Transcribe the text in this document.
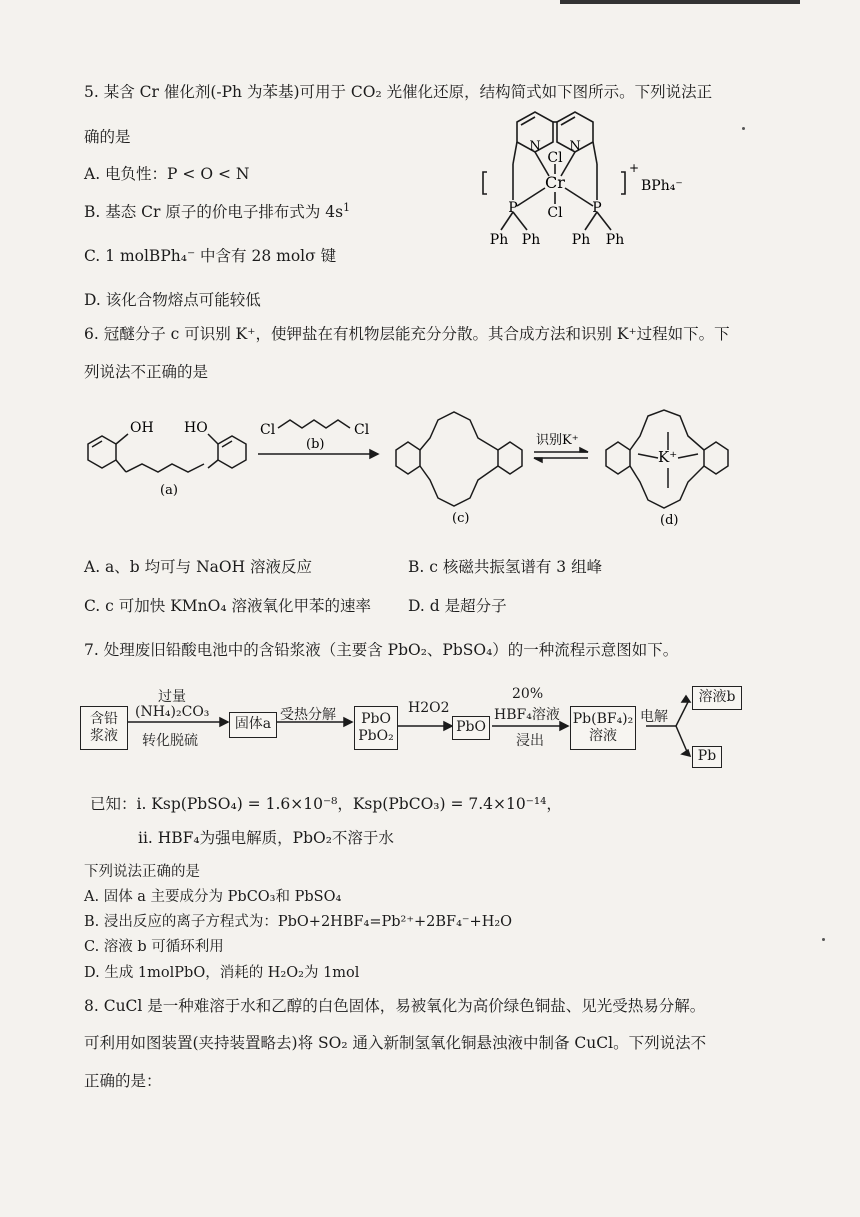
5. 某含 Cr 催化剂(-Ph 为苯基)可用于 CO₂ 光催化还原，结构简式如下图所示。下列说法正
确的是
A. 电负性：P < O < N
B. 基态 Cr 原子的价电子排布式为 $4s^1$
C. 1 molBPh₄⁻ 中含有 28 molσ 键
D. 该化合物熔点可能较低
N N
Cl
Cr
Cl
P	P
Ph Ph Ph Ph
+
BPh₄⁻
6. 冠醚分子 c 可识别 K⁺，使钾盐在有机物层能充分分散。其合成方法和识别 K⁺过程如下。下
列说法不正确的是
OH HO
(a)
Cl	Cl
(b)
(c)
识别K⁺
K⁺
(d)
A. a、b 均可与 NaOH 溶液反应	B. c 核磁共振氢谱有 3 组峰
C. c 可加快 KMnO₄ 溶液氧化甲苯的速率 D. d 是超分子
7. 处理废旧铅酸电池中的含铅浆液（主要含 PbO₂、PbSO₄）的一种流程示意图如下。
含铅
浆液
过量
(NH₄)₂CO₃
转化脱硫
固体a
受热分解 PbO
PbO₂
H2O2
PbO
20%
HBF₄溶液
浸出
Pb(BF₄)₂
溶液
电解
溶液b
Pb
已知：i. Ksp(PbSO₄) = 1.6×10⁻⁸，Ksp(PbCO₃) = 7.4×10⁻¹⁴，
ii. HBF₄为强电解质，PbO₂不溶于水
下列说法正确的是
A. 固体 a 主要成分为 PbCO₃和 PbSO₄
B. 浸出反应的离子方程式为：PbO+2HBF₄=Pb²⁺+2BF₄⁻+H₂O
C. 溶液 b 可循环利用
D. 生成 1molPbO，消耗的 H₂O₂为 1mol
8. CuCl 是一种难溶于水和乙醇的白色固体，易被氧化为高价绿色铜盐、见光受热易分解。
可利用如图装置(夹持装置略去)将 SO₂ 通入新制氢氧化铜悬浊液中制备 CuCl。下列说法不
正确的是：
